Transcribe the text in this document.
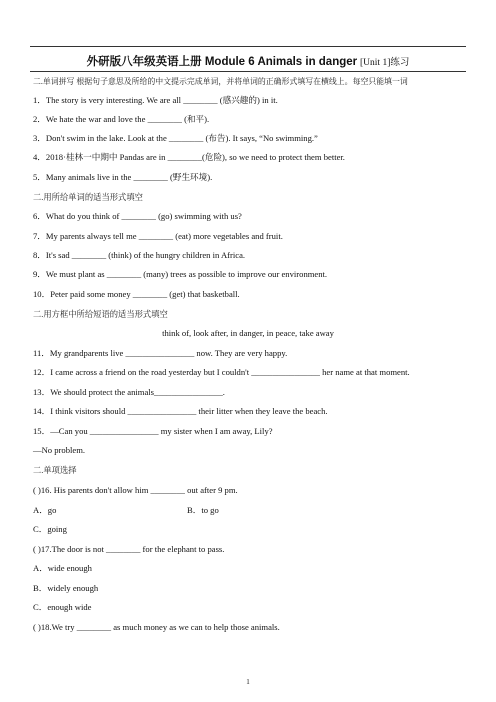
外研版八年级英语上册 Module 6 Animals in danger [Unit 1]练习
二.单词拼写 根据句子意思及所给的中文提示完成单词，并将单词的正确形式填写在横线上。每空只能填一词
1．The story is very interesting. We are all ________ (感兴趣的) in it.
2．We hate the war and love the ________ (和平).
3．Don't swim in the lake. Look at the ________ (布告). It says, “No swimming.”
4．2018·桂林一中期中 Pandas are in ________(危险), so we need to protect them better.
5．Many animals live in the ________ (野生环境).
二.用所给单词的适当形式填空
6．What do you think of ________ (go) swimming with us?
7．My parents always tell me ________ (eat) more vegetables and fruit.
8．It's sad ________ (think) of the hungry children in Africa.
9．We must plant as ________ (many) trees as possible to improve our environment.
10．Peter paid some money ________ (get) that basketball.
二.用方框中所给短语的适当形式填空
think of, look after, in danger, in peace, take away
11．My grandparents live ________________ now. They are very happy.
12．I came across a friend on the road yesterday but I couldn't ________________ her name at that moment.
13．We should protect the animals________________.
14．I think visitors should ________________ their litter when they leave the beach.
15．—Can you ________________ my sister when I am away, Lily?
—No problem.
二.单项选择
( )16. His parents don't allow him ________ out after 9 pm.
A．go	B．to go
C．going
( )17.The door is not ________ for the elephant to pass.
A．wide enough
B．widely enough
C．enough wide
( )18.We try ________ as much money as we can to help those animals.
1
